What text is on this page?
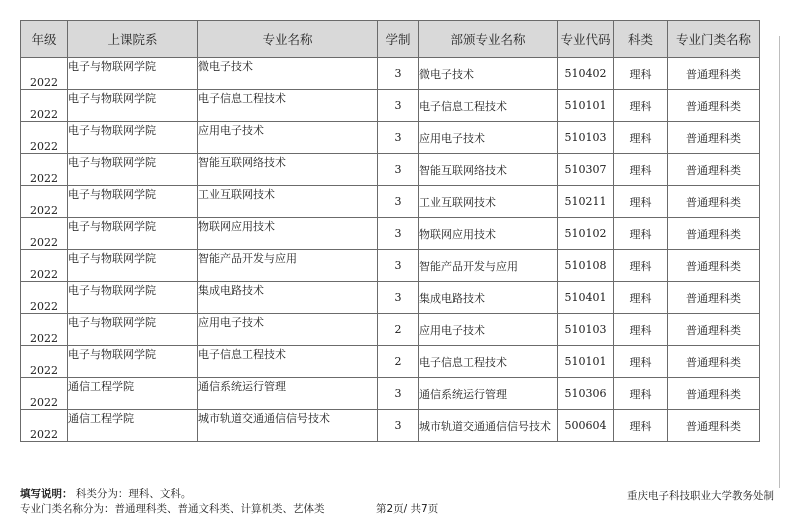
年级	上课院系	专业名称	学制	部颁专业名称	专业代码	科类	专业门类名称
2022	电子与物联网学院	微电子技术	3	微电子技术	510402	理科	普通理科类
2022	电子与物联网学院	电子信息工程技术	3	电子信息工程技术	510101	理科	普通理科类
2022	电子与物联网学院	应用电子技术	3	应用电子技术	510103	理科	普通理科类
2022	电子与物联网学院	智能互联网络技术	3	智能互联网络技术	510307	理科	普通理科类
2022	电子与物联网学院	工业互联网技术	3	工业互联网技术	510211	理科	普通理科类
2022	电子与物联网学院	物联网应用技术	3	物联网应用技术	510102	理科	普通理科类
2022	电子与物联网学院	智能产品开发与应用	3	智能产品开发与应用	510108	理科	普通理科类
2022	电子与物联网学院	集成电路技术	3	集成电路技术	510401	理科	普通理科类
2022	电子与物联网学院	应用电子技术	2	应用电子技术	510103	理科	普通理科类
2022	电子与物联网学院	电子信息工程技术	2	电子信息工程技术	510101	理科	普通理科类
2022	通信工程学院	通信系统运行管理	3	通信系统运行管理	510306	理科	普通理科类
2022	通信工程学院	城市轨道交通通信信号技术	3	城市轨道交通通信信号技术	500604	理科	普通理科类
填写说明： 科类分为：理科、文科。
专业门类名称分为：普通理科类、普通文科类、计算机类、艺体类	第2页/ 共7页
重庆电子科技职业大学教务处制
